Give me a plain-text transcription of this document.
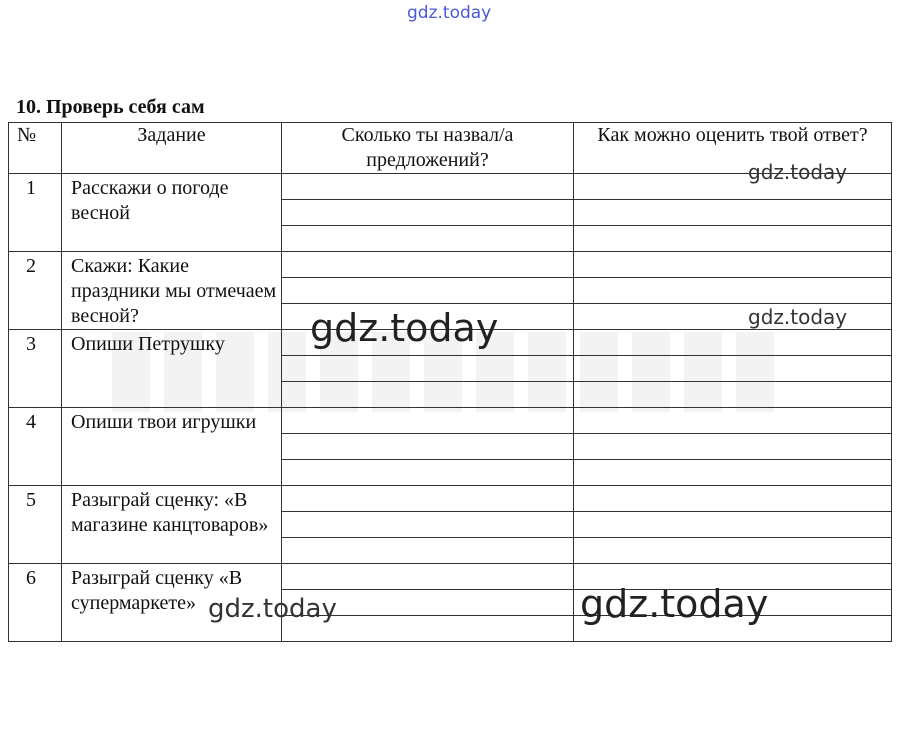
gdz.today
10. Проверь себя сам
№	Задание	Сколько ты назвал/а предложений?	Как можно оценить твой ответ?

1	Расскажи о погоде весной		

2	Скажи: Какие праздники мы отмечаем весной?		

3	Опиши Петрушку		

4	Опиши твои игрушки		

5	Разыграй сценку: «В магазине канцтоваров»		

6	Разыграй сценку «В супермаркете»		

gdz.today
gdz.today
gdz.today
gdz.today	gdz.today
